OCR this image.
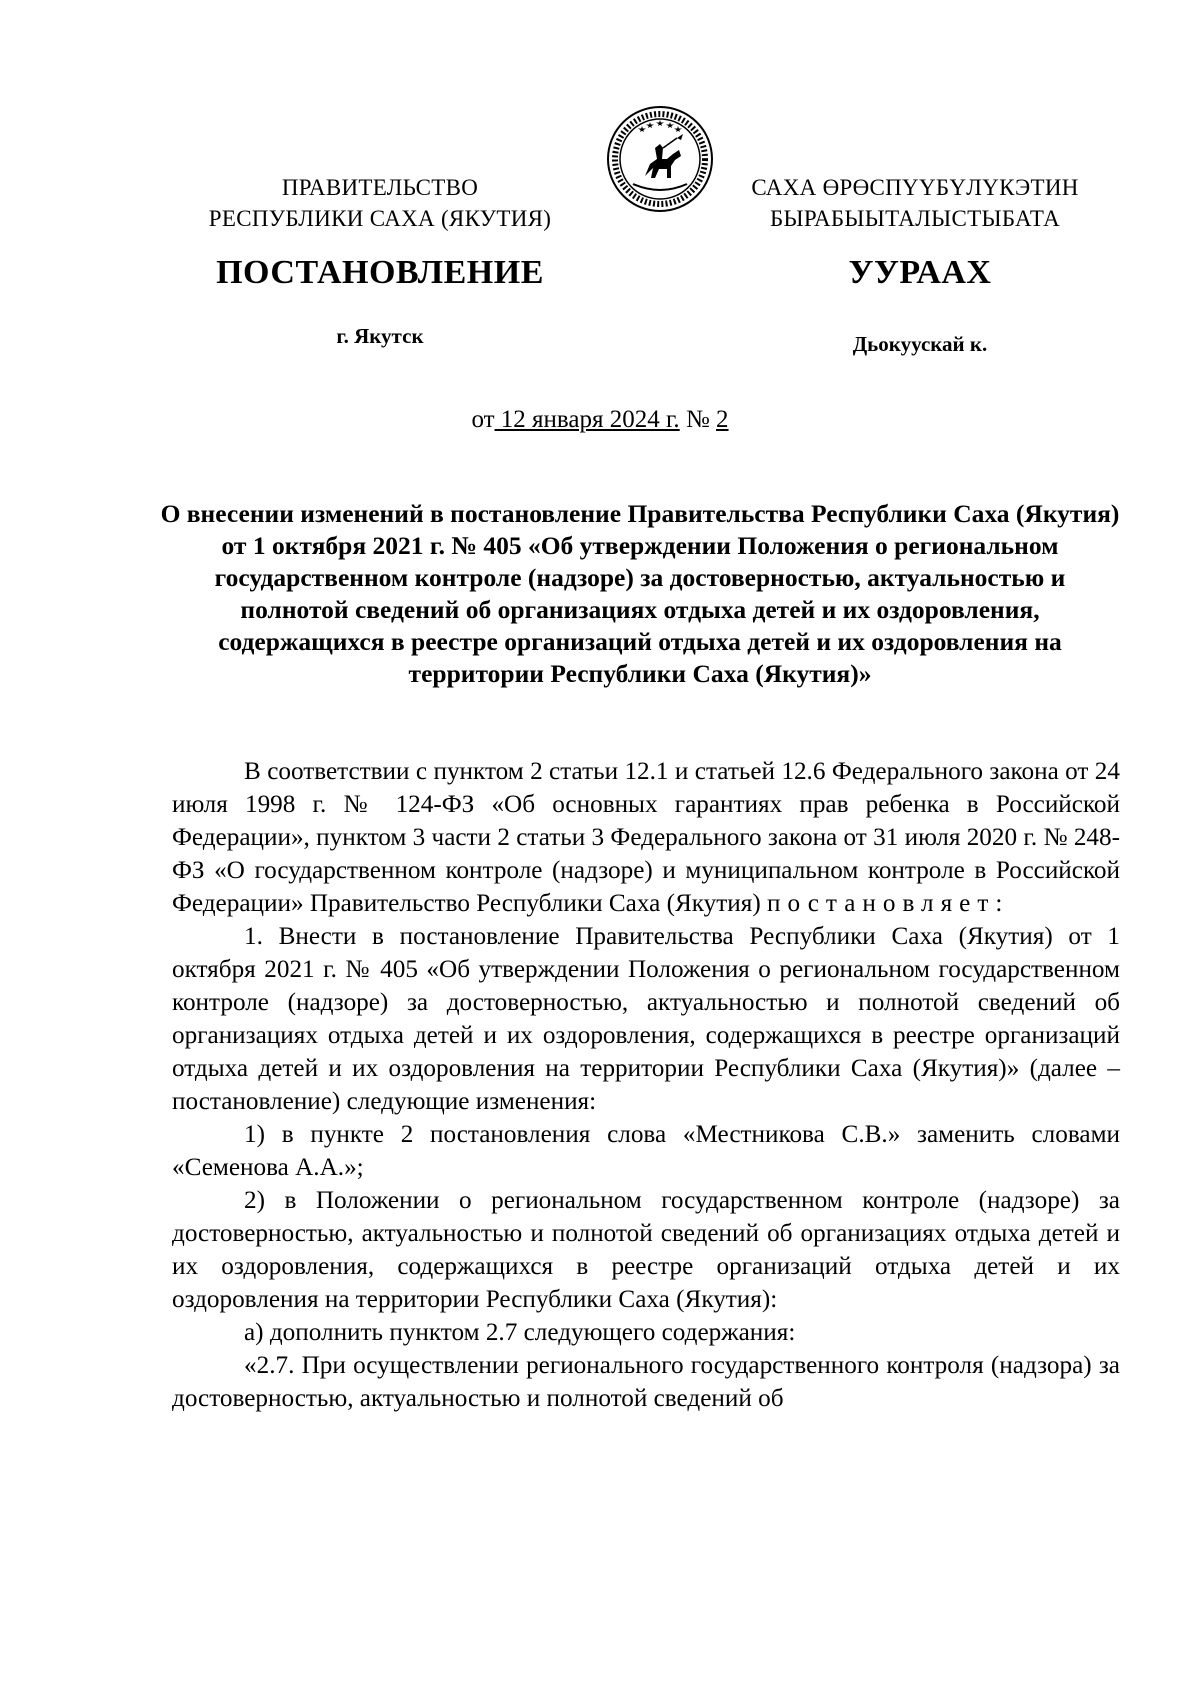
ПРАВИТЕЛЬСТВО
РЕСПУБЛИКИ САХА (ЯКУТИЯ)
САХА ӨРӨСПҮҮБҮЛҮКЭТИН
БЫРАБЫЫТАЛЫСТЫБАТА
ПОСТАНОВЛЕНИЕ	УУРААХ
г. Якутск	Дьокуускай к.
от 12 января 2024 г. № 2
О внесении изменений в постановление Правительства Республики Саха (Якутия) от 1 октября 2021 г. № 405 «Об утверждении Положения о региональном государственном контроле (надзоре) за достоверностью, актуальностью и полнотой сведений об организациях отдыха детей и их оздоровления, содержащихся в реестре организаций отдыха детей и их оздоровления на территории Республики Саха (Якутия)»

В соответствии с пунктом 2 статьи 12.1 и статьей 12.6 Федерального закона от 24 июля 1998 г. № 124-ФЗ «Об основных гарантиях прав ребенка в Российской Федерации», пунктом 3 части 2 статьи 3 Федерального закона от 31 июля 2020 г. № 248-ФЗ «О государственном контроле (надзоре) и муниципальном контроле в Российской Федерации» Правительство Республики Саха (Якутия) постановляет:

1. Внести в постановление Правительства Республики Саха (Якутия) от 1 октября 2021 г. № 405 «Об утверждении Положения о региональном государственном контроле (надзоре) за достоверностью, актуальностью и полнотой сведений об организациях отдыха детей и их оздоровления, содержащихся в реестре организаций отдыха детей и их оздоровления на территории Республики Саха (Якутия)» (далее – постановление) следующие изменения:

1) в пункте 2 постановления слова «Местникова С.В.» заменить словами «Семенова А.А.»;

2) в Положении о региональном государственном контроле (надзоре) за достоверностью, актуальностью и полнотой сведений об организациях отдыха детей и их оздоровления, содержащихся в реестре организаций отдыха детей и их оздоровления на территории Республики Саха (Якутия):

а) дополнить пунктом 2.7 следующего содержания:

«2.7. При осуществлении регионального государственного контроля (надзора) за достоверностью, актуальностью и полнотой сведений об
